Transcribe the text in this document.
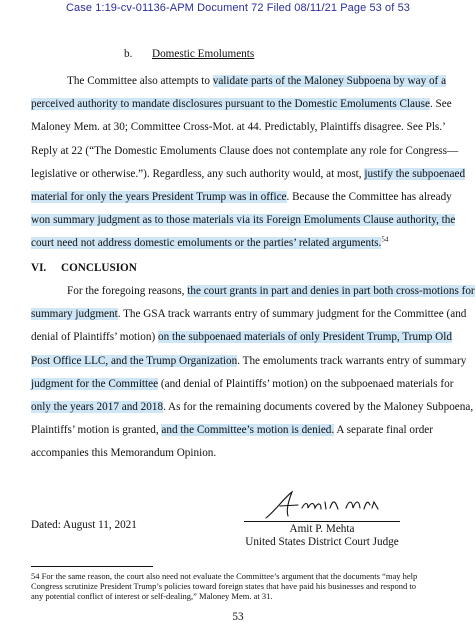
Case 1:19-cv-01136-APM Document 72 Filed 08/11/21 Page 53 of 53
b. Domestic Emoluments
The Committee also attempts to validate parts of the Maloney Subpoena by way of a
perceived authority to mandate disclosures pursuant to the Domestic Emoluments Clause. See
Maloney Mem. at 30; Committee Cross-Mot. at 44. Predictably, Plaintiffs disagree. See Pls.’
Reply at 22 (“The Domestic Emoluments Clause does not contemplate any role for Congress—
legislative or otherwise.”). Regardless, any such authority would, at most, justify the subpoenaed
material for only the years President Trump was in office. Because the Committee has already
won summary judgment as to those materials via its Foreign Emoluments Clause authority, the
court need not address domestic emoluments or the parties’ related arguments.$^{54}$
VI. CONCLUSION
For the foregoing reasons, the court grants in part and denies in part both cross-motions for
summary judgment. The GSA track warrants entry of summary judgment for the Committee (and
denial of Plaintiffs’ motion) on the subpoenaed materials of only President Trump, Trump Old
Post Office LLC, and the Trump Organization. The emoluments track warrants entry of summary
judgment for the Committee (and denial of Plaintiffs’ motion) on the subpoenaed materials for
only the years 2017 and 2018. As for the remaining documents covered by the Maloney Subpoena,
Plaintiffs’ motion is granted, and the Committee’s motion is denied. A separate final order
accompanies this Memorandum Opinion.
Dated: August 11, 2021	Amit P. Mehta
United States District Court Judge
54 For the same reason, the court also need not evaluate the Committee’s argument that the documents “may help
Congress scrutinize President Trump’s policies toward foreign states that have paid his businesses and respond to
any potential conflict of interest or self-dealing,” Maloney Mem. at 31.
53
